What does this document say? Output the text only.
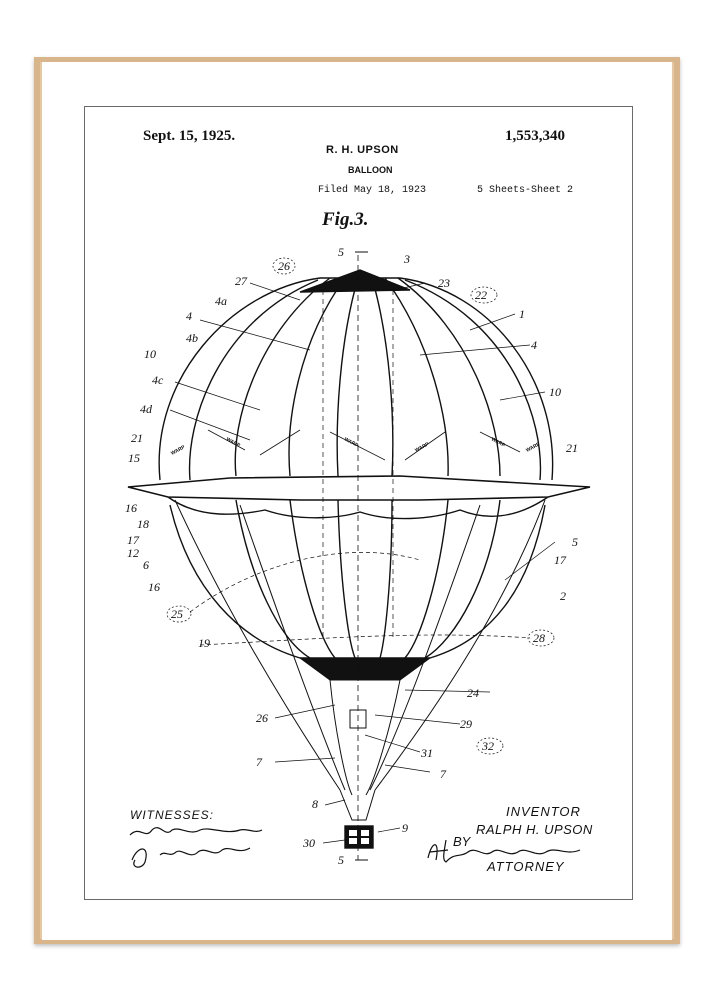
Sept. 15, 1925.	1,553,340
R. H. UPSON
BALLOON
Filed May 18, 1923	5 Sheets-Sheet 2
Fig.3.
3
5
26
27	23
22
1
4a
4
4b	4
10
4c
10
4d
21
21
15
16
18
17
12
6
16
17
5
2
25
28
19
24
26	29
31	32
7
7
8
9
30
5
WARP
WARP	WARP	WARP	WARP	WARP
WITNESSES:	INVENTOR
RALPH H. UPSON
BY
ATTORNEY
